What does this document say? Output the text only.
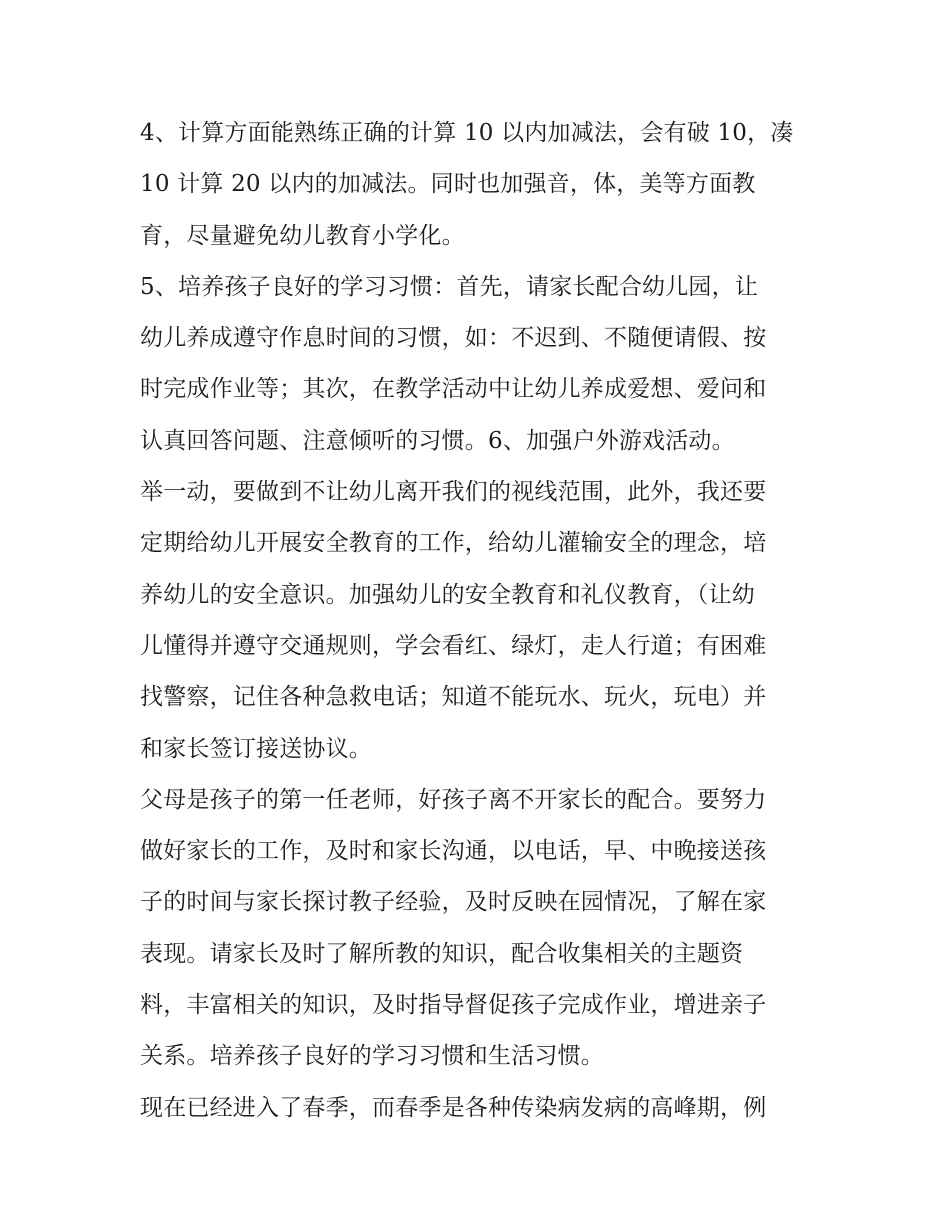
4、计算方面能熟练正确的计算 10 以内加减法，会有破 10，凑
10 计算 20 以内的加减法。同时也加强音，体，美等方面教
育，尽量避免幼儿教育小学化。
5、培养孩子良好的学习习惯：首先，请家长配合幼儿园，让
幼儿养成遵守作息时间的习惯，如：不迟到、不随便请假、按
时完成作业等；其次，在教学活动中让幼儿养成爱想、爱问和
认真回答问题、注意倾听的习惯。6、加强户外游戏活动。
举一动，要做到不让幼儿离开我们的视线范围，此外，我还要
定期给幼儿开展安全教育的工作，给幼儿灌输安全的理念，培
养幼儿的安全意识。加强幼儿的安全教育和礼仪教育，（让幼
儿懂得并遵守交通规则，学会看红、绿灯，走人行道；有困难
找警察，记住各种急救电话；知道不能玩水、玩火，玩电）并
和家长签订接送协议。
父母是孩子的第一任老师，好孩子离不开家长的配合。要努力
做好家长的工作，及时和家长沟通，以电话，早、中晚接送孩
子的时间与家长探讨教子经验，及时反映在园情况，了解在家
表现。请家长及时了解所教的知识，配合收集相关的主题资
料，丰富相关的知识，及时指导督促孩子完成作业，增进亲子
关系。培养孩子良好的学习习惯和生活习惯。
现在已经进入了春季，而春季是各种传染病发病的高峰期，例
